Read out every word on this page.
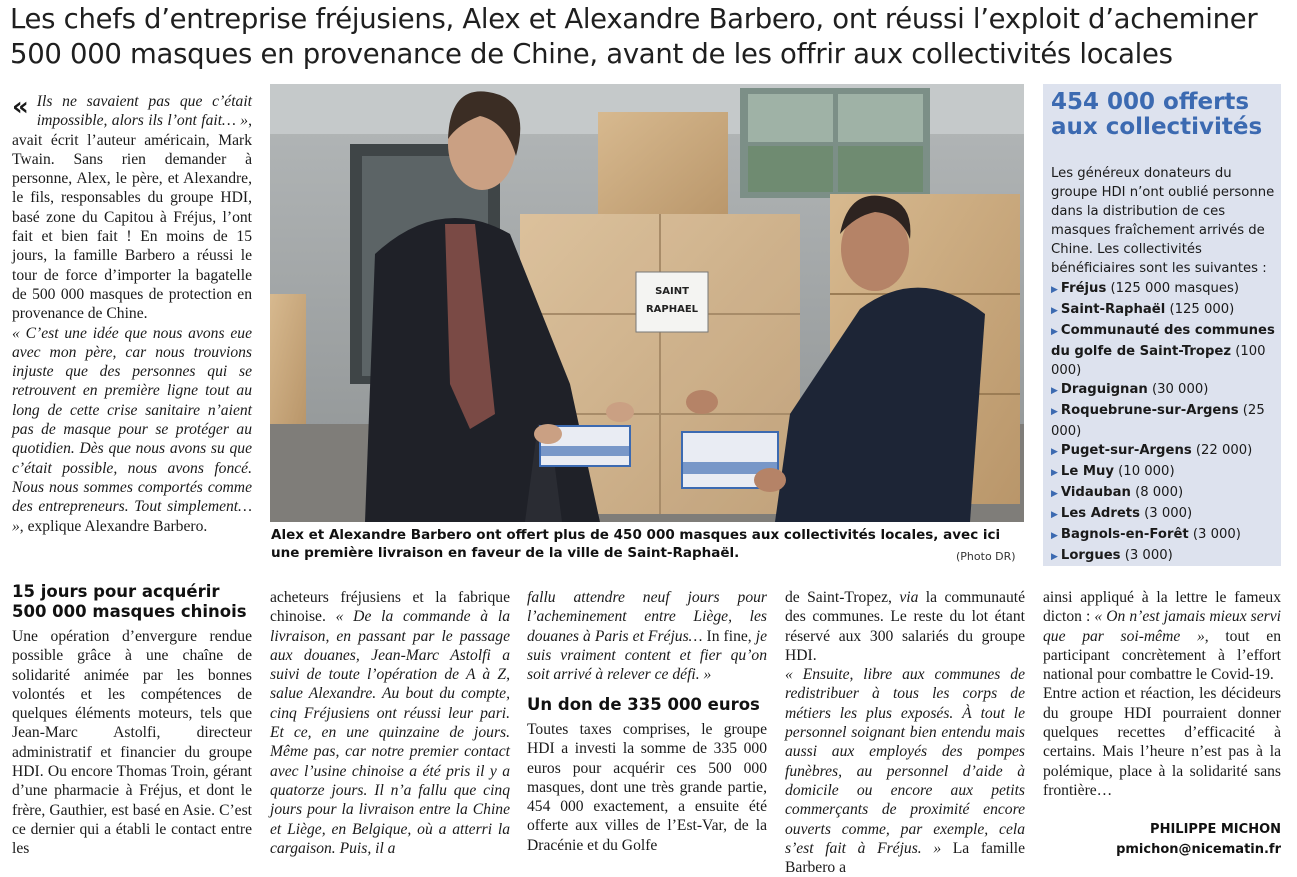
Les chefs d’entreprise fréjusiens, Alex et Alexandre Barbero, ont réussi l’exploit d’acheminer
500 000 masques en provenance de Chine, avant de les offrir aux collectivités locales

« Ils ne savaient pas que c’était impossible, alors ils l’ont fait… », avait écrit l’auteur américain, Mark Twain. Sans rien demander à personne, Alex, le père, et Alexandre, le fils, responsables du groupe HDI, basé zone du Capitou à Fréjus, l’ont fait et bien fait ! En moins de 15 jours, la famille Barbero a réussi le tour de force d’importer la bagatelle de 500 000 masques de protection en provenance de Chine.

« C’est une idée que nous avons eue avec mon père, car nous trouvions injuste que des personnes qui se retrouvent en première ligne tout au long de cette crise sanitaire n’aient pas de masque pour se protéger au quotidien. Dès que nous avons su que c’était possible, nous avons foncé. Nous nous sommes comportés comme des entrepreneurs. Tout simplement… », explique Alexandre Barbero.

15 jours pour acquérir 500 000 masques chinois

Une opération d’envergure rendue possible grâce à une chaîne de solidarité animée par les bonnes volontés et les compétences de quelques éléments moteurs, tels que Jean-Marc Astolfi, directeur administratif et financier du groupe HDI. Ou encore Thomas Troin, gérant d’une pharmacie à Fréjus, et dont le frère, Gauthier, est basé en Asie. C’est ce dernier qui a établi le contact entre les

SAINT
RAPHAEL
Alex et Alexandre Barbero ont offert plus de 450 000 masques aux collectivités locales, avec ici une première livraison en faveur de la ville de Saint-Raphaël.	(Photo DR)
454 000 offerts aux collectivités
Les généreux donateurs du groupe HDI n’ont oublié personne dans la distribution de ces masques fraîchement arrivés de Chine. Les collectivités bénéficiaires sont les suivantes :
▶ Fréjus (125 000 masques)
▶ Saint-Raphaël (125 000)
▶ Communauté des communes du golfe de Saint-Tropez (100 000)
▶ Draguignan (30 000)
▶ Roquebrune-sur-Argens (25 000)
▶ Puget-sur-Argens (22 000)
▶ Le Muy (10 000)
▶ Vidauban (8 000)
▶ Les Adrets (3 000)
▶ Bagnols-en-Forêt (3 000)
▶ Lorgues (3 000)

acheteurs fréjusiens et la fabrique chinoise. « De la commande à la livraison, en passant par le passage aux douanes, Jean-Marc Astolfi a suivi de toute l’opération de A à Z, salue Alexandre. Au bout du compte, cinq Fréjusiens ont réussi leur pari. Et ce, en une quinzaine de jours. Même pas, car notre premier contact avec l’usine chinoise a été pris il y a quatorze jours. Il n’a fallu que cinq jours pour la livraison entre la Chine et Liège, en Belgique, où a atterri la cargaison. Puis, il a

fallu attendre neuf jours pour l’acheminement entre Liège, les douanes à Paris et Fréjus… In fine, je suis vraiment content et fier qu’on soit arrivé à relever ce défi. »

Un don de 335 000 euros

Toutes taxes comprises, le groupe HDI a investi la somme de 335 000 euros pour acquérir ces 500 000 masques, dont une très grande partie, 454 000 exactement, a ensuite été offerte aux villes de l’Est-Var, de la Dracénie et du Golfe

de Saint-Tropez, via la communauté des communes. Le reste du lot étant réservé aux 300 salariés du groupe HDI.

« Ensuite, libre aux communes de redistribuer à tous les corps de métiers les plus exposés. À tout le personnel soignant bien entendu mais aussi aux employés des pompes funèbres, au personnel d’aide à domicile ou encore aux petits commerçants de proximité encore ouverts comme, par exemple, cela s’est fait à Fréjus. » La famille Barbero a

ainsi appliqué à la lettre le fameux dicton : « On n’est jamais mieux servi que par soi-même », tout en participant concrètement à l’effort national pour combattre le Covid-19.

Entre action et réaction, les décideurs du groupe HDI pourraient donner quelques recettes d’efficacité à certains. Mais l’heure n’est pas à la polémique, place à la solidarité sans frontière…

PHILIPPE MICHON
pmichon@nicematin.fr
